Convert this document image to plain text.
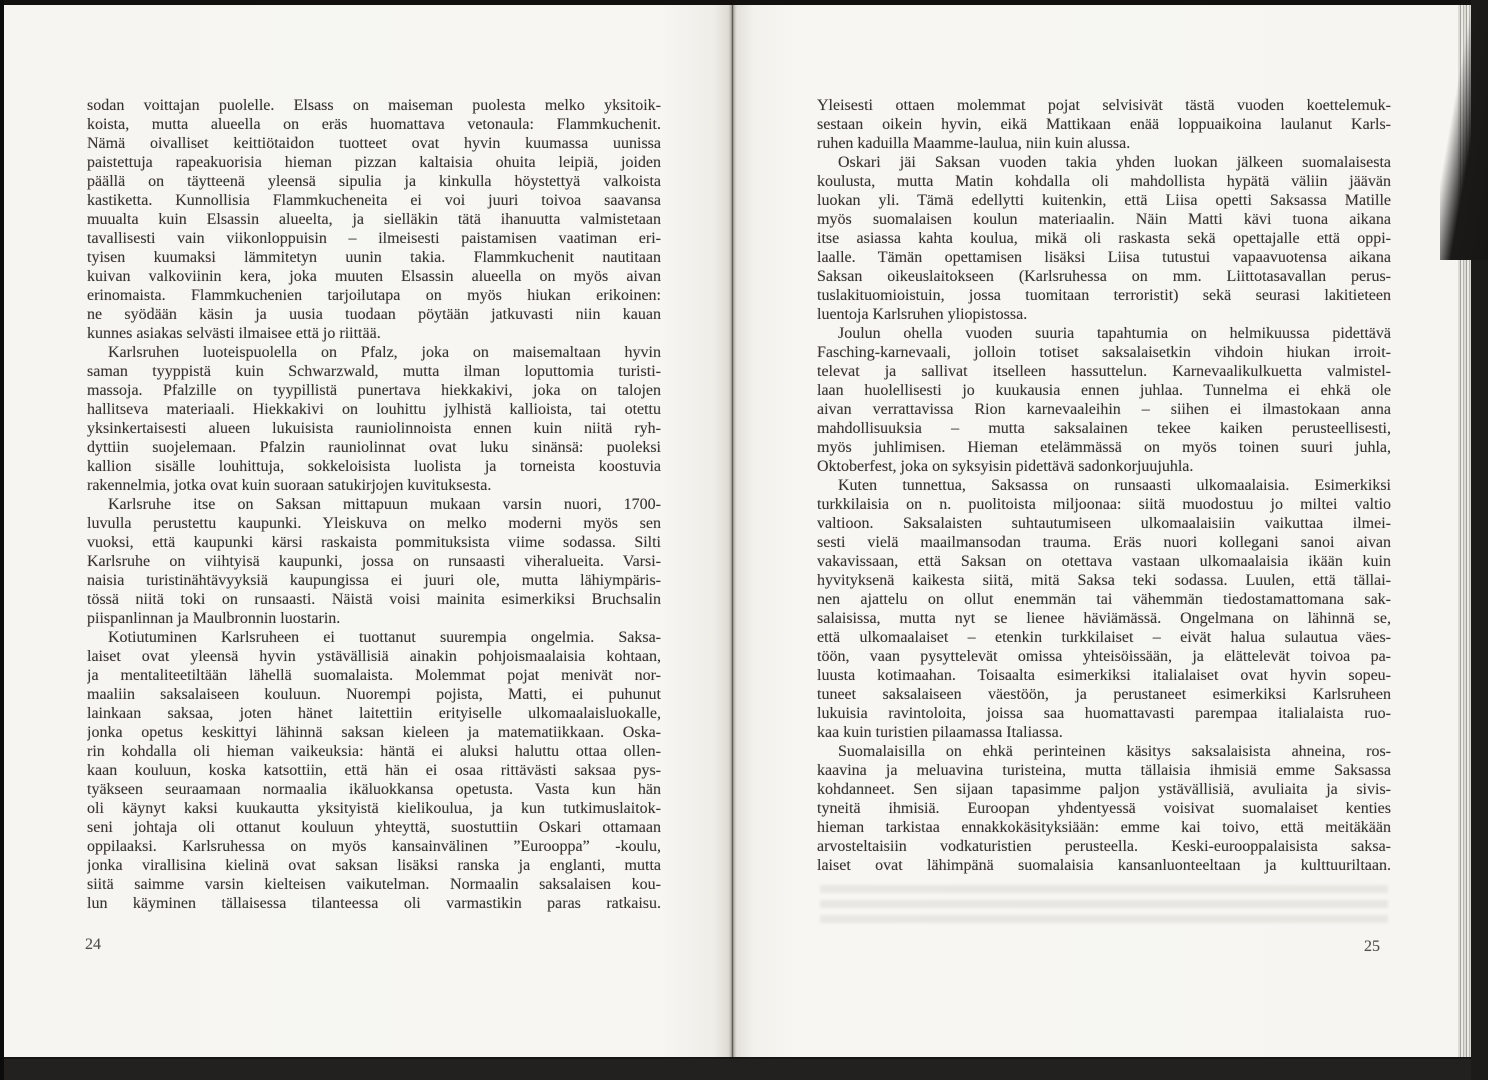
sodan voittajan puolelle. Elsass on maiseman puolesta melko yksitoik-
koista, mutta alueella on eräs huomattava vetonaula: Flammkuchenit.
Nämä oivalliset keittiötaidon tuotteet ovat hyvin kuumassa uunissa
paistettuja rapeakuorisia hieman pizzan kaltaisia ohuita leipiä, joiden
päällä on täytteenä yleensä sipulia ja kinkulla höystettyä valkoista
kastiketta. Kunnollisia Flammkucheneita ei voi juuri toivoa saavansa
muualta kuin Elsassin alueelta, ja sielläkin tätä ihanuutta valmistetaan
tavallisesti vain viikonloppuisin – ilmeisesti paistamisen vaatiman eri-
tyisen kuumaksi lämmitetyn uunin takia. Flammkuchenit nautitaan
kuivan valkoviinin kera, joka muuten Elsassin alueella on myös aivan
erinomaista. Flammkuchenien tarjoilutapa on myös hiukan erikoinen:
ne syödään käsin ja uusia tuodaan pöytään jatkuvasti niin kauan
kunnes asiakas selvästi ilmaisee että jo riittää.
Karlsruhen luoteispuolella on Pfalz, joka on maisemaltaan hyvin
saman tyyppistä kuin Schwarzwald, mutta ilman loputtomia turisti-
massoja. Pfalzille on tyypillistä punertava hiekkakivi, joka on talojen
hallitseva materiaali. Hiekkakivi on louhittu jylhistä kallioista, tai otettu
yksinkertaisesti alueen lukuisista rauniolinnoista ennen kuin niitä ryh-
dyttiin suojelemaan. Pfalzin rauniolinnat ovat luku sinänsä: puoleksi
kallion sisälle louhittuja, sokkeloisista luolista ja torneista koostuvia
rakennelmia, jotka ovat kuin suoraan satukirjojen kuvituksesta.
Karlsruhe itse on Saksan mittapuun mukaan varsin nuori, 1700-
luvulla perustettu kaupunki. Yleiskuva on melko moderni myös sen
vuoksi, että kaupunki kärsi raskaista pommituksista viime sodassa. Silti
Karlsruhe on viihtyisä kaupunki, jossa on runsaasti viheralueita. Varsi-
naisia turistinähtävyyksiä kaupungissa ei juuri ole, mutta lähiympäris-
tössä niitä toki on runsaasti. Näistä voisi mainita esimerkiksi Bruchsalin
piispanlinnan ja Maulbronnin luostarin.
Kotiutuminen Karlsruheen ei tuottanut suurempia ongelmia. Saksa-
laiset ovat yleensä hyvin ystävällisiä ainakin pohjoismaalaisia kohtaan,
ja mentaliteetiltään lähellä suomalaista. Molemmat pojat menivät nor-
maaliin saksalaiseen kouluun. Nuorempi pojista, Matti, ei puhunut
lainkaan saksaa, joten hänet laitettiin erityiselle ulkomaalaisluokalle,
jonka opetus keskittyi lähinnä saksan kieleen ja matematiikkaan. Oska-
rin kohdalla oli hieman vaikeuksia: häntä ei aluksi haluttu ottaa ollen-
kaan kouluun, koska katsottiin, että hän ei osaa rittävästi saksaa pys-
tyäkseen seuraamaan normaalia ikäluokkansa opetusta. Vasta kun hän
oli käynyt kaksi kuukautta yksityistä kielikoulua, ja kun tutkimuslaitok-
seni johtaja oli ottanut kouluun yhteyttä, suostuttiin Oskari ottamaan
oppilaaksi. Karlsruhessa on myös kansainvälinen ”Eurooppa” -koulu,
jonka virallisina kielinä ovat saksan lisäksi ranska ja englanti, mutta
siitä saimme varsin kielteisen vaikutelman. Normaalin saksalaisen kou-
lun käyminen tällaisessa tilanteessa oli varmastikin paras ratkaisu.
Yleisesti ottaen molemmat pojat selvisivät tästä vuoden koettelemuk-
sestaan oikein hyvin, eikä Mattikaan enää loppuaikoina laulanut Karls-
ruhen kaduilla Maamme-laulua, niin kuin alussa.
Oskari jäi Saksan vuoden takia yhden luokan jälkeen suomalaisesta
koulusta, mutta Matin kohdalla oli mahdollista hypätä väliin jäävän
luokan yli. Tämä edellytti kuitenkin, että Liisa opetti Saksassa Matille
myös suomalaisen koulun materiaalin. Näin Matti kävi tuona aikana
itse asiassa kahta koulua, mikä oli raskasta sekä opettajalle että oppi-
laalle. Tämän opettamisen lisäksi Liisa tutustui vapaavuotensa aikana
Saksan oikeuslaitokseen (Karlsruhessa on mm. Liittotasavallan perus-
tuslakituomioistuin, jossa tuomitaan terroristit) sekä seurasi lakitieteen
luentoja Karlsruhen yliopistossa.
Joulun ohella vuoden suuria tapahtumia on helmikuussa pidettävä
Fasching-karnevaali, jolloin totiset saksalaisetkin vihdoin hiukan irroit-
televat ja sallivat itselleen hassuttelun. Karnevaalikulkuetta valmistel-
laan huolellisesti jo kuukausia ennen juhlaa. Tunnelma ei ehkä ole
aivan verrattavissa Rion karnevaaleihin – siihen ei ilmastokaan anna
mahdollisuuksia – mutta saksalainen tekee kaiken perusteellisesti,
myös juhlimisen. Hieman etelämmässä on myös toinen suuri juhla,
Oktoberfest, joka on syksyisin pidettävä sadonkorjuujuhla.
Kuten tunnettua, Saksassa on runsaasti ulkomaalaisia. Esimerkiksi
turkkilaisia on n. puolitoista miljoonaa: siitä muodostuu jo miltei valtio
valtioon. Saksalaisten suhtautumiseen ulkomaalaisiin vaikuttaa ilmei-
sesti vielä maailmansodan trauma. Eräs nuori kollegani sanoi aivan
vakavissaan, että Saksan on otettava vastaan ulkomaalaisia ikään kuin
hyvityksenä kaikesta siitä, mitä Saksa teki sodassa. Luulen, että tällai-
nen ajattelu on ollut enemmän tai vähemmän tiedostamattomana sak-
salaisissa, mutta nyt se lienee häviämässä. Ongelmana on lähinnä se,
että ulkomaalaiset – etenkin turkkilaiset – eivät halua sulautua väes-
töön, vaan pysyttelevät omissa yhteisöissään, ja elättelevät toivoa pa-
luusta kotimaahan. Toisaalta esimerkiksi italialaiset ovat hyvin sopeu-
tuneet saksalaiseen väestöön, ja perustaneet esimerkiksi Karlsruheen
lukuisia ravintoloita, joissa saa huomattavasti parempaa italialaista ruo-
kaa kuin turistien pilaamassa Italiassa.
Suomalaisilla on ehkä perinteinen käsitys saksalaisista ahneina, ros-
kaavina ja meluavina turisteina, mutta tällaisia ihmisiä emme Saksassa
kohdanneet. Sen sijaan tapasimme paljon ystävällisiä, avuliaita ja sivis-
tyneitä ihmisiä. Euroopan yhdentyessä voisivat suomalaiset kenties
hieman tarkistaa ennakkokäsityksiään: emme kai toivo, että meitäkään
arvosteltaisiin vodkaturistien perusteella. Keski-eurooppalaisista saksa-
laiset ovat lähimpänä suomalaisia kansanluonteeltaan ja kulttuuriltaan.
24	25
